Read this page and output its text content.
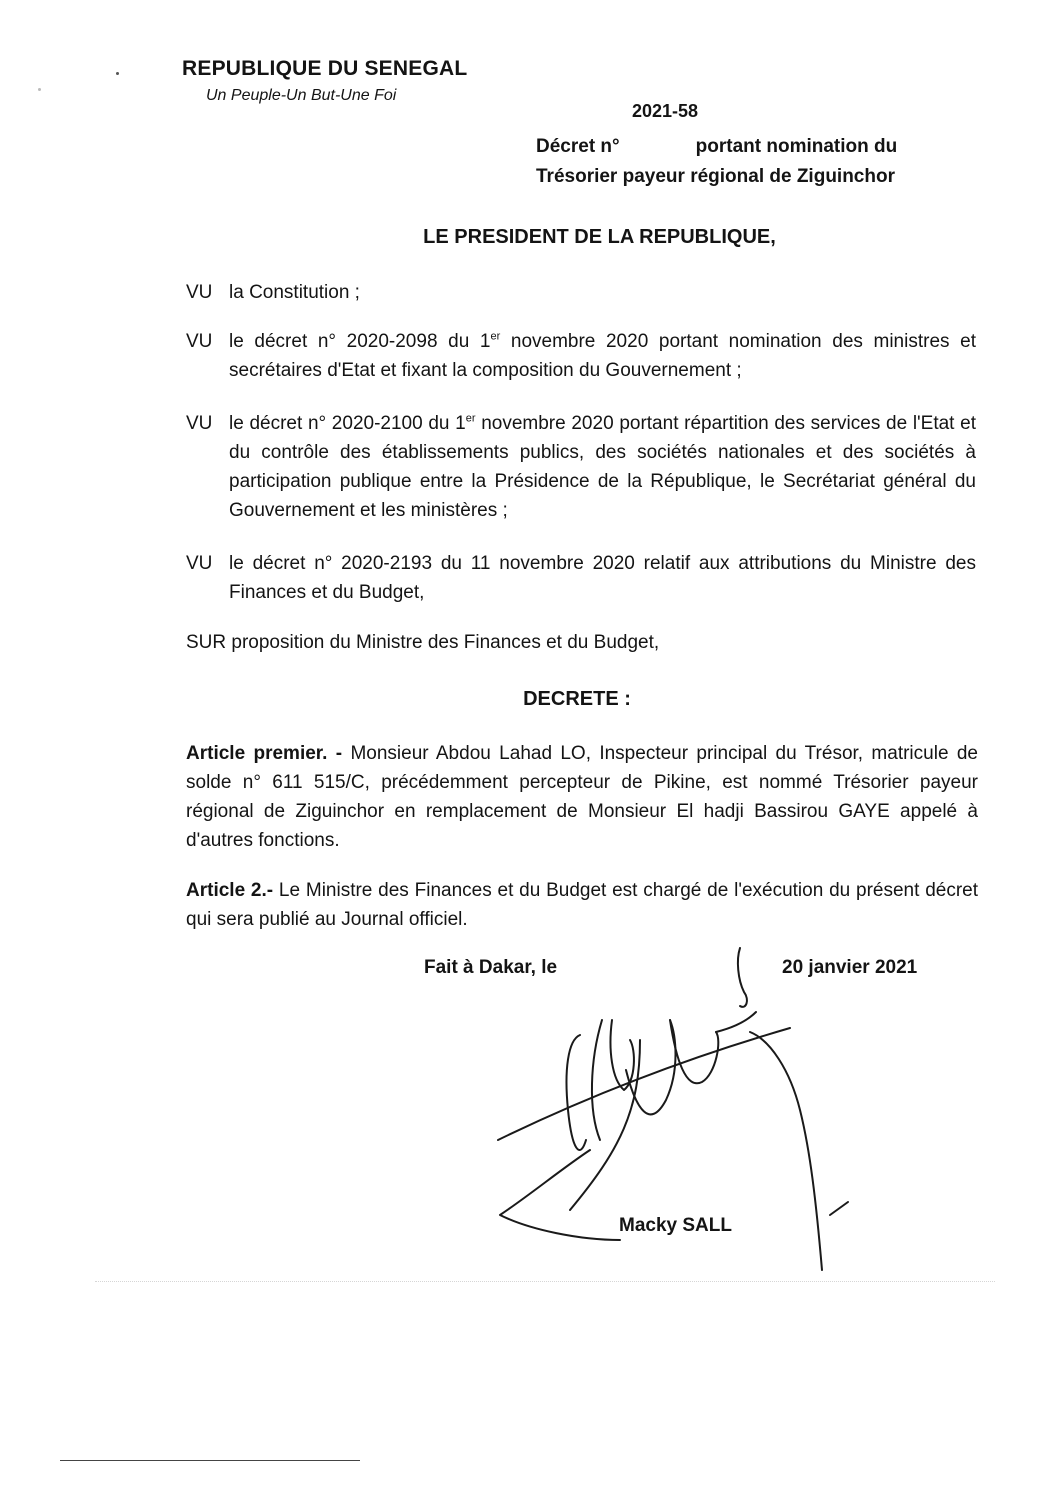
REPUBLIQUE DU SENEGAL
Un Peuple-Un But-Une Foi
2021-58
Décret n°	portant nomination du
Trésorier payeur régional de Ziguinchor
LE PRESIDENT DE LA REPUBLIQUE,
VU la Constitution ;
VU le décret n° 2020-2098 du 1er novembre 2020 portant nomination des ministres et secrétaires d'Etat et fixant la composition du Gouvernement ;
VU le décret n° 2020-2100 du 1er novembre 2020 portant répartition des services de l'Etat et du contrôle des établissements publics, des sociétés nationales et des sociétés à participation publique entre la Présidence de la République, le Secrétariat général du Gouvernement et les ministères ;
VU le décret n° 2020-2193 du 11 novembre 2020 relatif aux attributions du Ministre des Finances et du Budget,
SUR proposition du Ministre des Finances et du Budget,
DECRETE :
Article premier. - Monsieur Abdou Lahad LO, Inspecteur principal du Trésor, matricule de solde n° 611 515/C, précédemment percepteur de Pikine, est nommé Trésorier payeur régional de Ziguinchor en remplacement de Monsieur El hadji Bassirou GAYE appelé à d'autres fonctions.
Article 2.- Le Ministre des Finances et du Budget est chargé de l'exécution du présent décret qui sera publié au Journal officiel.
Fait à Dakar, le	20 janvier 2021
Macky SALL
